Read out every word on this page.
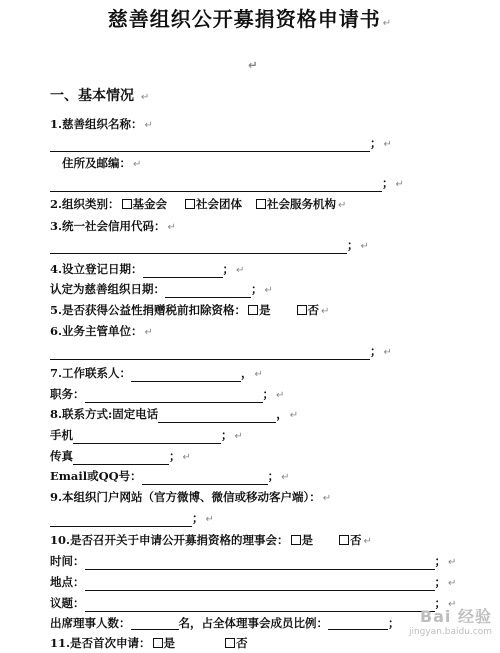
慈善组织公开募捐资格申请书 ↵
↵
一、基本情况 ↵
1.慈善组织名称： ↵
； ↵
住所及邮编： ↵
； ↵
2.组织类别： 基金会	社会团体 社会服务机构 ↵
3.统一社会信用代码： ↵
； ↵
4.设立登记日期：	； ↵
认定为慈善组织日期：	； ↵
5.是否获得公益性捐赠税前扣除资格： 是	否 ↵
6.业务主管单位： ↵
； ↵
7.工作联系人：	， ↵
职务：	； ↵
8.联系方式:固定电话	， ↵
手机	； ↵
传真	； ↵
Email或QQ号：	； ↵
9.本组织门户网站（官方微博、微信或移动客户端）： ↵
； ↵
10.是否召开关于申请公开募捐资格的理事会： 是	否 ↵
时间：	； ↵
地点：	； ↵
议题：	； ↵
出席理事人数：	名，占全体理事会成员比例：	；
11.是否首次申请： 是	否
Bai 经验
jingyan.baidu.com
